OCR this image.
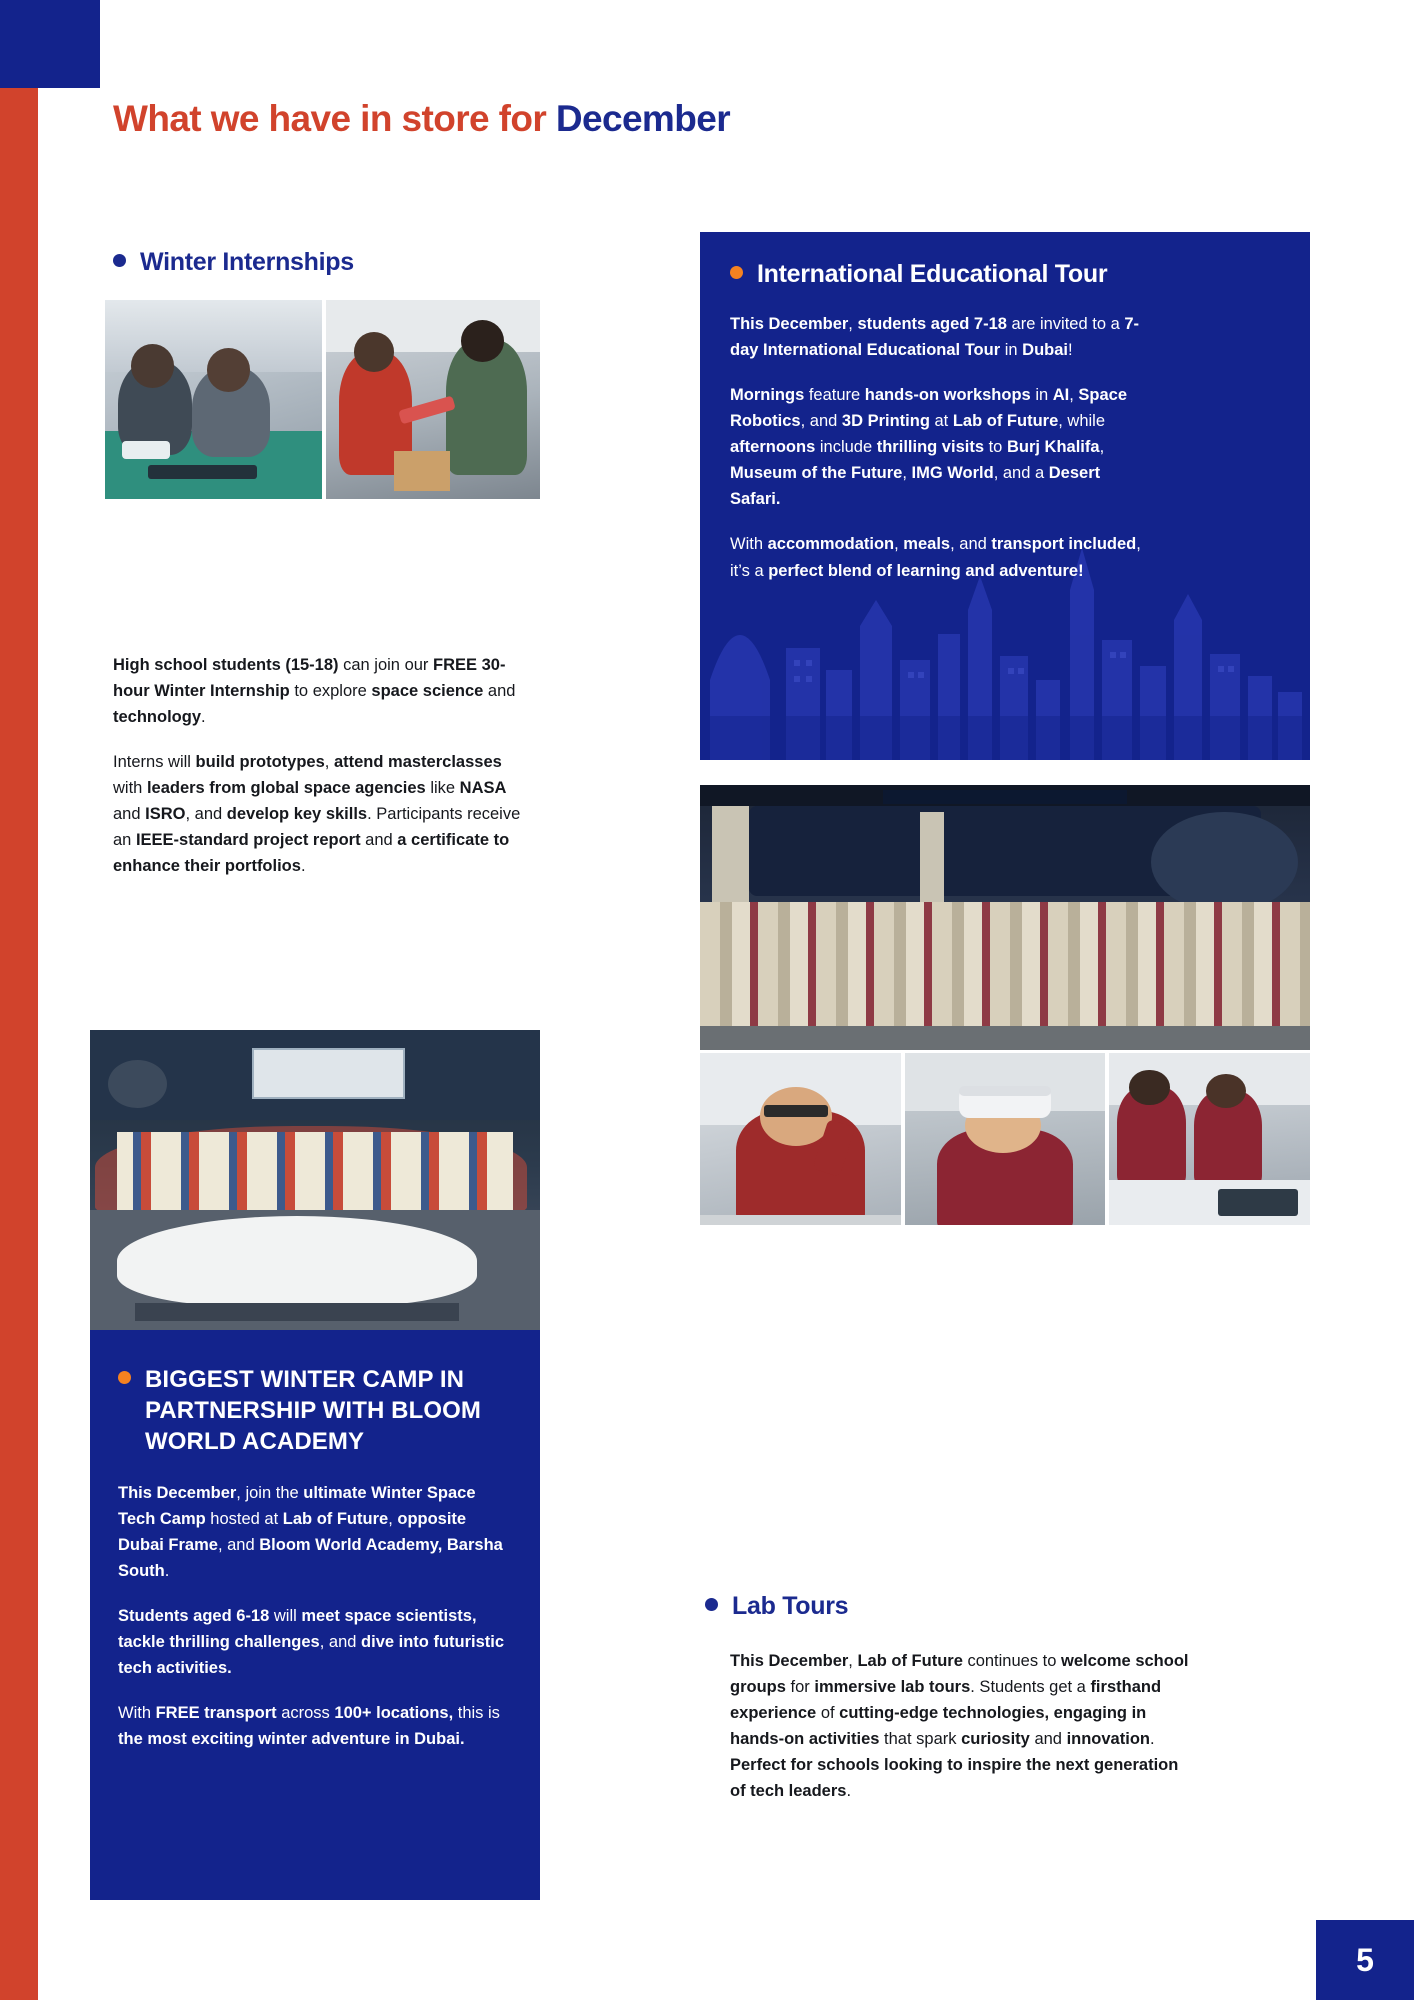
What we have in store for December
Winter Internships

High school students (15-18) can join our FREE 30-hour Winter Internship to explore space science and technology.

Interns will build prototypes, attend masterclasses with leaders from global space agencies like NASA and ISRO, and develop key skills. Participants receive an IEEE-standard project report and a certificate to enhance their portfolios.

BIGGEST WINTER CAMP IN PARTNERSHIP WITH BLOOM WORLD ACADEMY

This December, join the ultimate Winter Space Tech Camp hosted at Lab of Future, opposite Dubai Frame, and Bloom World Academy, Barsha South.

Students aged 6-18 will meet space scientists, tackle thrilling challenges, and dive into futuristic tech activities.

With FREE transport across 100+ locations, this is the most exciting winter adventure in Dubai.

International Educational Tour

This December, students aged 7-18 are invited to a 7-day International Educational Tour in Dubai!

Mornings feature hands-on workshops in AI, Space Robotics, and 3D Printing at Lab of Future, while afternoons include thrilling visits to Burj Khalifa, Museum of the Future, IMG World, and a Desert Safari.

With accommodation, meals, and transport included, it’s a perfect blend of learning and adventure!

Lab Tours

This December, Lab of Future continues to welcome school groups for immersive lab tours. Students get a firsthand experience of cutting-edge technologies, engaging in hands-on activities that spark curiosity and innovation. Perfect for schools looking to inspire the next generation of tech leaders.

5
